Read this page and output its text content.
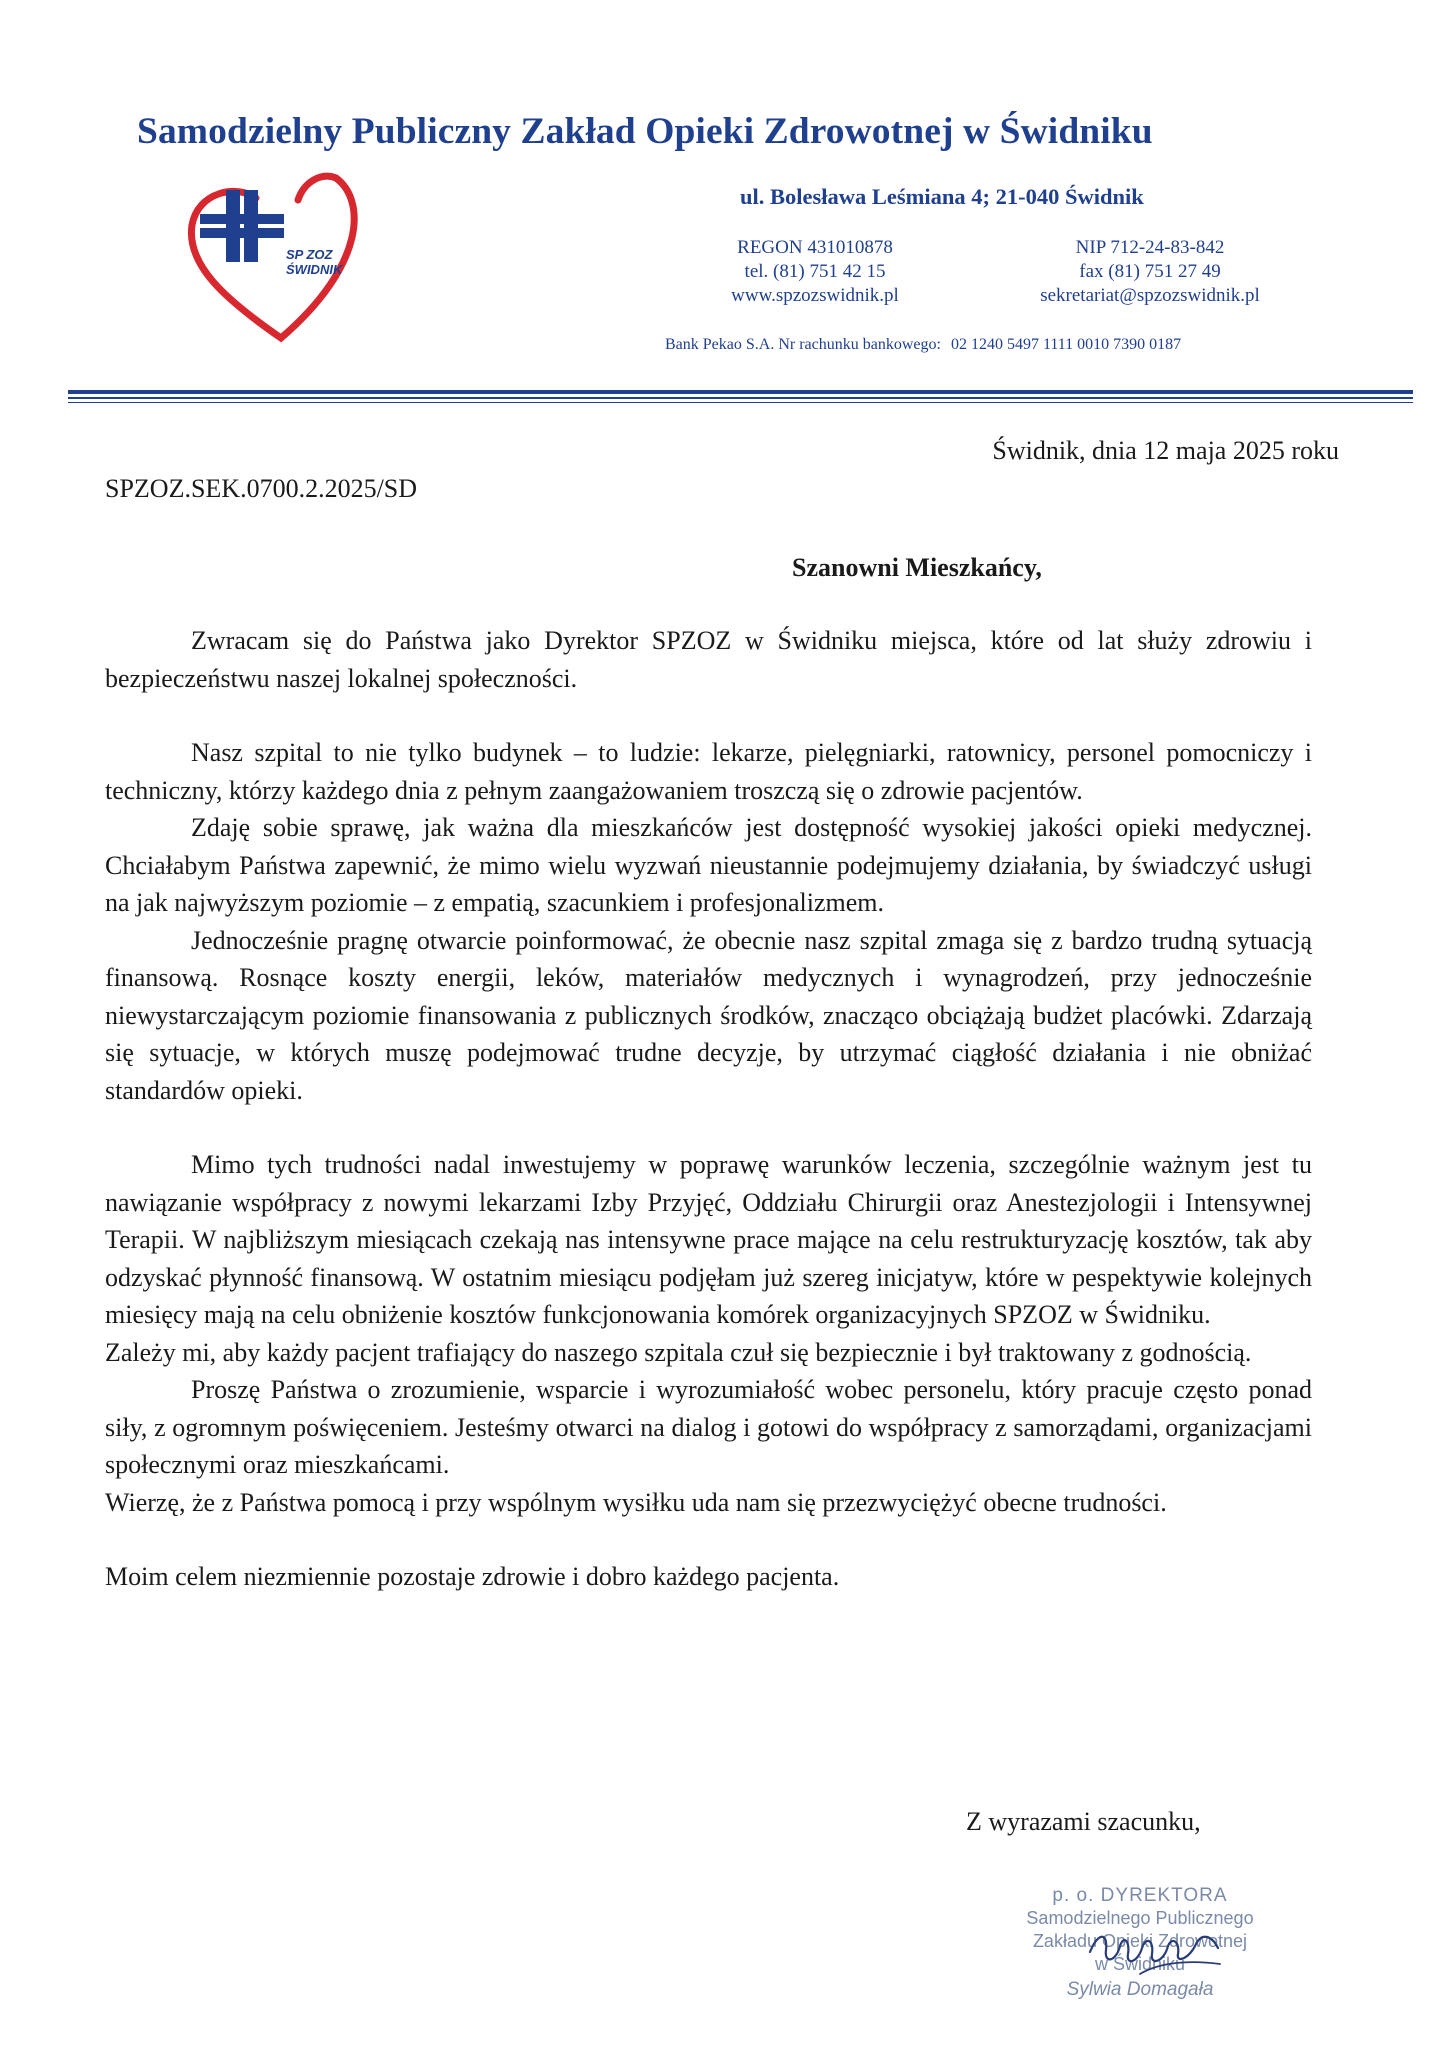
Samodzielny Publiczny Zakład Opieki Zdrowotnej w Świdniku
SP ZOZ
ŚWIDNIK
ul. Bolesława Leśmiana 4; 21-040 Świdnik
REGON 431010878
tel. (81) 751 42 15
www.spzozswidnik.pl
NIP 712-24-83-842
fax (81) 751 27 49
sekretariat@spzozswidnik.pl
Bank Pekao S.A. Nr rachunku bankowego: 02 1240 5497 1111 0010 7390 0187
Świdnik, dnia 12 maja 2025 roku
SPZOZ.SEK.0700.2.2025/SD
Szanowni Mieszkańcy,

Zwracam się do Państwa jako Dyrektor SPZOZ w Świdniku miejsca, które od lat służy zdrowiu i bezpieczeństwu naszej lokalnej społeczności.

Nasz szpital to nie tylko budynek – to ludzie: lekarze, pielęgniarki, ratownicy, personel pomocniczy i techniczny, którzy każdego dnia z pełnym zaangażowaniem troszczą się o zdrowie pacjentów.

Zdaję sobie sprawę, jak ważna dla mieszkańców jest dostępność wysokiej jakości opieki medycznej. Chciałabym Państwa zapewnić, że mimo wielu wyzwań nieustannie podejmujemy działania, by świadczyć usługi na jak najwyższym poziomie – z empatią, szacunkiem i profesjonalizmem.

Jednocześnie pragnę otwarcie poinformować, że obecnie nasz szpital zmaga się z bardzo trudną sytuacją finansową. Rosnące koszty energii, leków, materiałów medycznych i wynagrodzeń, przy jednocześnie niewystarczającym poziomie finansowania z publicznych środków, znacząco obciążają budżet placówki. Zdarzają się sytuacje, w których muszę podejmować trudne decyzje, by utrzymać ciągłość działania i nie obniżać standardów opieki.

Mimo tych trudności nadal inwestujemy w poprawę warunków leczenia, szczególnie ważnym jest tu nawiązanie współpracy z nowymi lekarzami Izby Przyjęć, Oddziału Chirurgii oraz Anestezjologii i Intensywnej Terapii. W najbliższym miesiącach czekają nas intensywne prace mające na celu restrukturyzację kosztów, tak aby odzyskać płynność finansową. W ostatnim miesiącu podjęłam już szereg inicjatyw, które w pespektywie kolejnych miesięcy mają na celu obniżenie kosztów funkcjonowania komórek organizacyjnych SPZOZ w Świdniku.

Zależy mi, aby każdy pacjent trafiający do naszego szpitala czuł się bezpiecznie i był traktowany z godnością.

Proszę Państwa o zrozumienie, wsparcie i wyrozumiałość wobec personelu, który pracuje często ponad siły, z ogromnym poświęceniem. Jesteśmy otwarci na dialog i gotowi do współpracy z samorządami, organizacjami społecznymi oraz mieszkańcami.

Wierzę, że z Państwa pomocą i przy wspólnym wysiłku uda nam się przezwyciężyć obecne trudności.

Moim celem niezmiennie pozostaje zdrowie i dobro każdego pacjenta.

Z wyrazami szacunku,
p. o. DYREKTORA
Samodzielnego Publicznego
Zakładu Opieki Zdrowotnej
w Świdniku
Sylwia Domagała
